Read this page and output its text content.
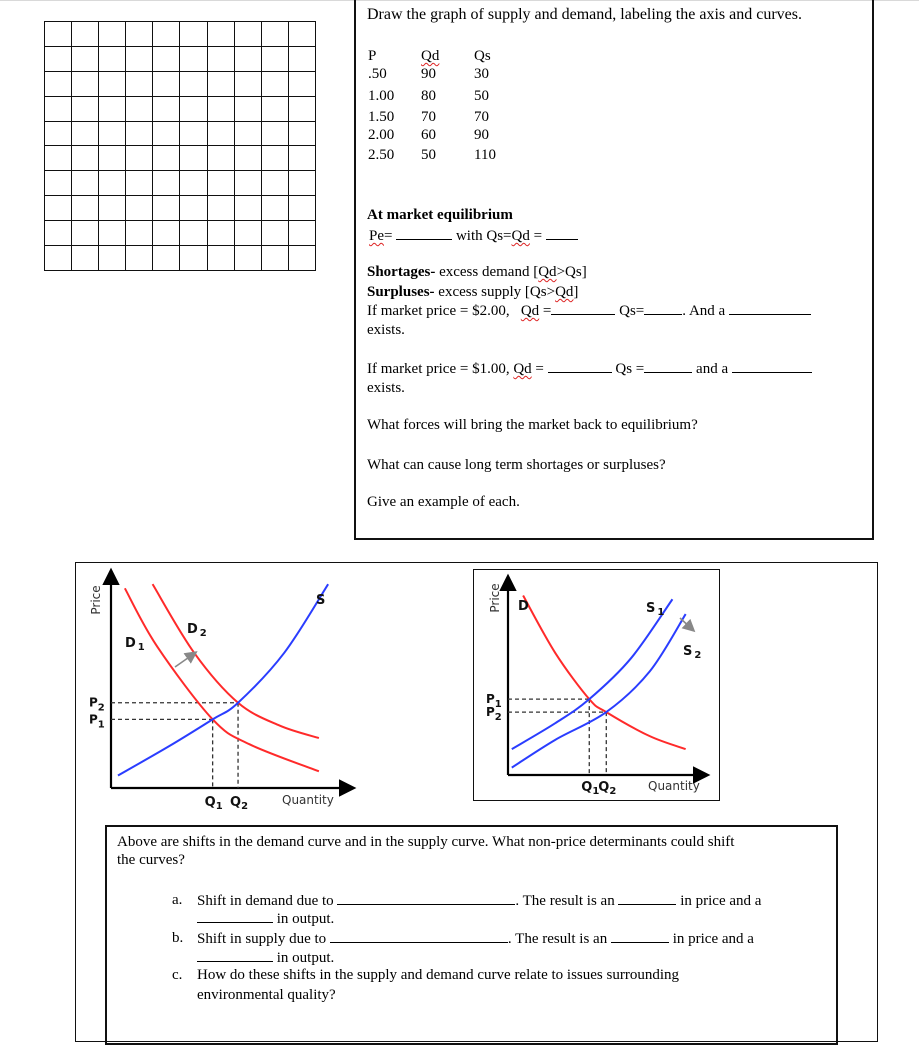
Draw the graph of supply and demand, labeling the axis and curves.
P	Qd Qs
.50 90	30
1.00 80	50
1.50 70	70
2.00 60	90
2.50 50	110
At market equilibrium
Pe=	with Qs=Qd =
Shortages- excess demand [Qd>Qs]
Surpluses- excess supply [Qs>Qd]
If market price = $2.00, Qd =	Qs=	. And a
exists.
If market price = $1.00, Qd =	Qs =	and a
exists.
What forces will bring the market back to equilibrium?
What can cause long term shortages or surpluses?
Give an example of each.
Price
Quantity
$P_1$
$Q_1$
$P_2$
$Q_2$
D $_1$
D $_2$
S	Price
Quantity
$P_1$
$Q_1$
$P_2$
$Q_2$
D	S $_1$
S $_2$
Above are shifts in the demand curve and in the supply curve. What non-price determinants could shift
the curves?
a. Shift in demand due to	. The result is an	in price and a
in output.
b. Shift in supply due to	. The result is an	in price and a
in output.
c. How do these shifts in the supply and demand curve relate to issues surrounding
environmental quality?
